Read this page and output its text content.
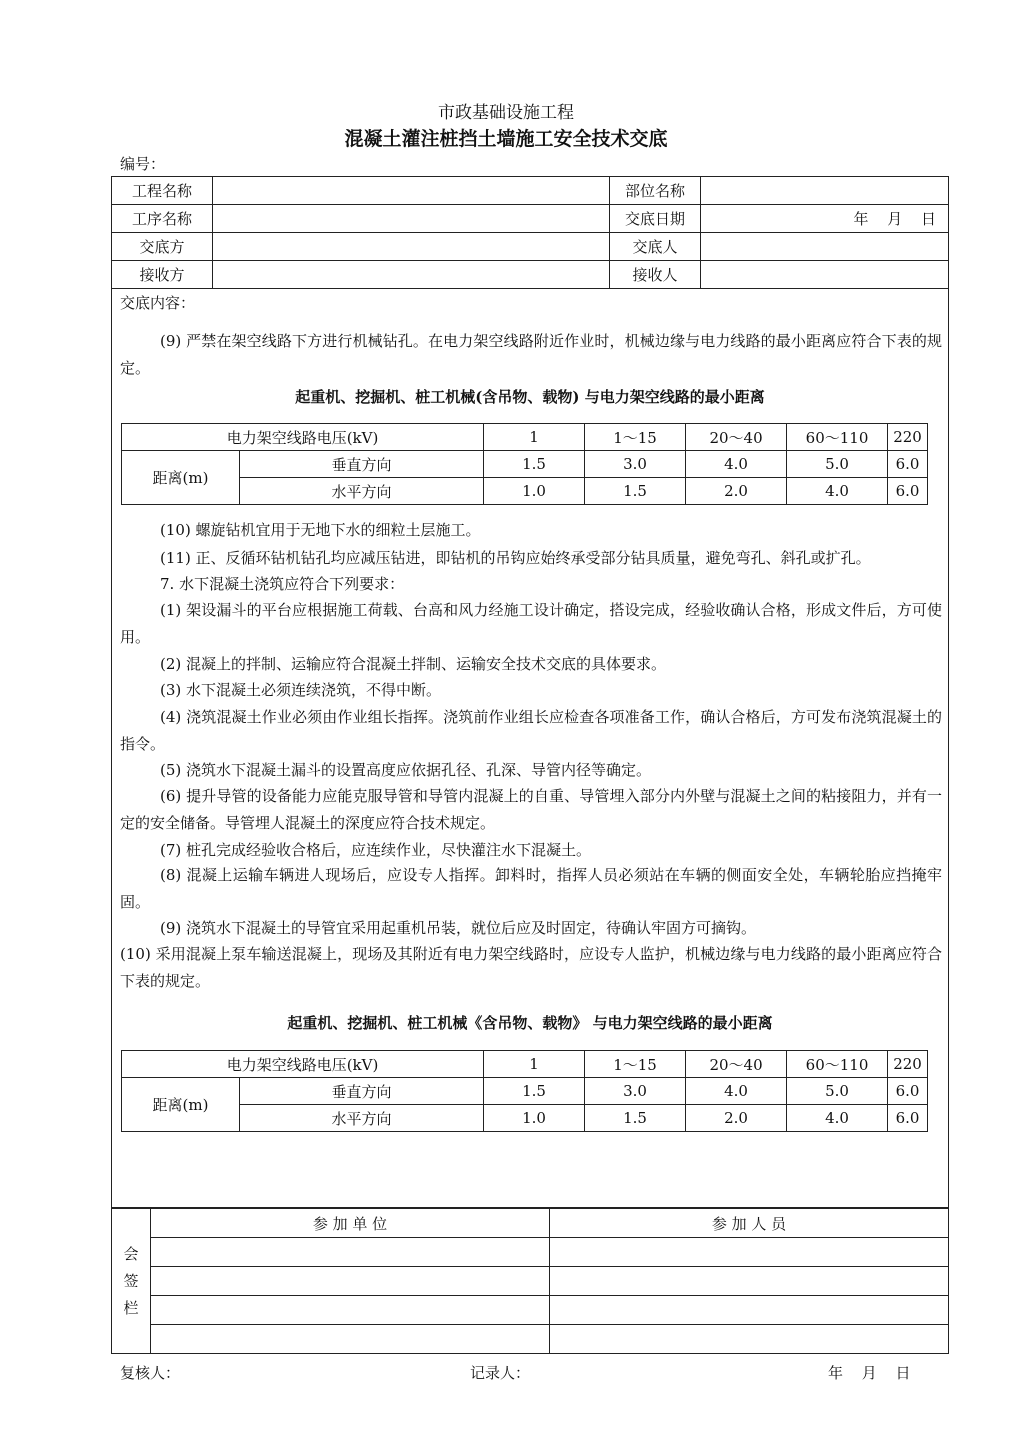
市政基础设施工程
混凝土灌注桩挡土墙施工安全技术交底
编号：
工程名称		部位名称	
工序名称		交底日期	年 月 日
交底方		交底人	
接收方		接收人	
交底内容：
(9) 严禁在架空线路下方进行机械钻孔。在电力架空线路附近作业时，机械边缘与电力线路的最小距离应符合下表的规定。
起重机、挖掘机、桩工机械(含吊物、载物) 与电力架空线路的最小距离
电力架空线路电压(kV)		1	1～15	20～40	60～110	220
距离(m)	垂直方向	1.5	3.0	4.0	5.0	6.0
	水平方向	1.0	1.5	2.0	4.0	6.0
(10) 螺旋钻机宜用于无地下水的细粒土层施工。
(11) 正、反循环钻机钻孔均应减压钻进，即钻机的吊钩应始终承受部分钻具质量，避免弯孔、斜孔或扩孔。
7. 水下混凝土浇筑应符合下列要求：
(1) 架设漏斗的平台应根据施工荷载、台高和风力经施工设计确定，搭设完成，经验收确认合格，形成文件后，方可使用。
(2) 混凝上的拌制、运输应符合混凝土拌制、运输安全技术交底的具体要求。
(3) 水下混凝土必须连续浇筑，不得中断。
(4) 浇筑混凝土作业必须由作业组长指挥。浇筑前作业组长应检查各项准备工作，确认合格后，方可发布浇筑混凝土的指令。
(5) 浇筑水下混凝土漏斗的设置高度应依据孔径、孔深、导管内径等确定。
(6) 提升导管的设备能力应能克服导管和导管内混凝上的自重、导管埋入部分内外壁与混凝土之间的粘接阻力，并有一定的安全储备。导管埋人混凝土的深度应符合技术规定。
(7) 桩孔完成经验收合格后，应连续作业，尽快灌注水下混凝土。
(8) 混凝上运输车辆进人现场后，应设专人指挥。卸料时，指挥人员必须站在车辆的侧面安全处，车辆轮胎应挡掩牢固。
(9) 浇筑水下混凝土的导管宜采用起重机吊装，就位后应及时固定，待确认牢固方可摘钩。
(10) 采用混凝上泵车输送混凝上，现场及其附近有电力架空线路时，应设专人监护，机械边缘与电力线路的最小距离应符合下表的规定。
起重机、挖掘机、桩工机械《含吊物、载物》 与电力架空线路的最小距离
电力架空线路电压(kV)		1	1～15	20～40	60～110	220
距离(m)	垂直方向	1.5	3.0	4.0	5.0	6.0
	水平方向	1.0	1.5	2.0	4.0	6.0
会
签
栏	参 加 单 位	参 加 人 员

复核人：	记录人：	年 月 日
